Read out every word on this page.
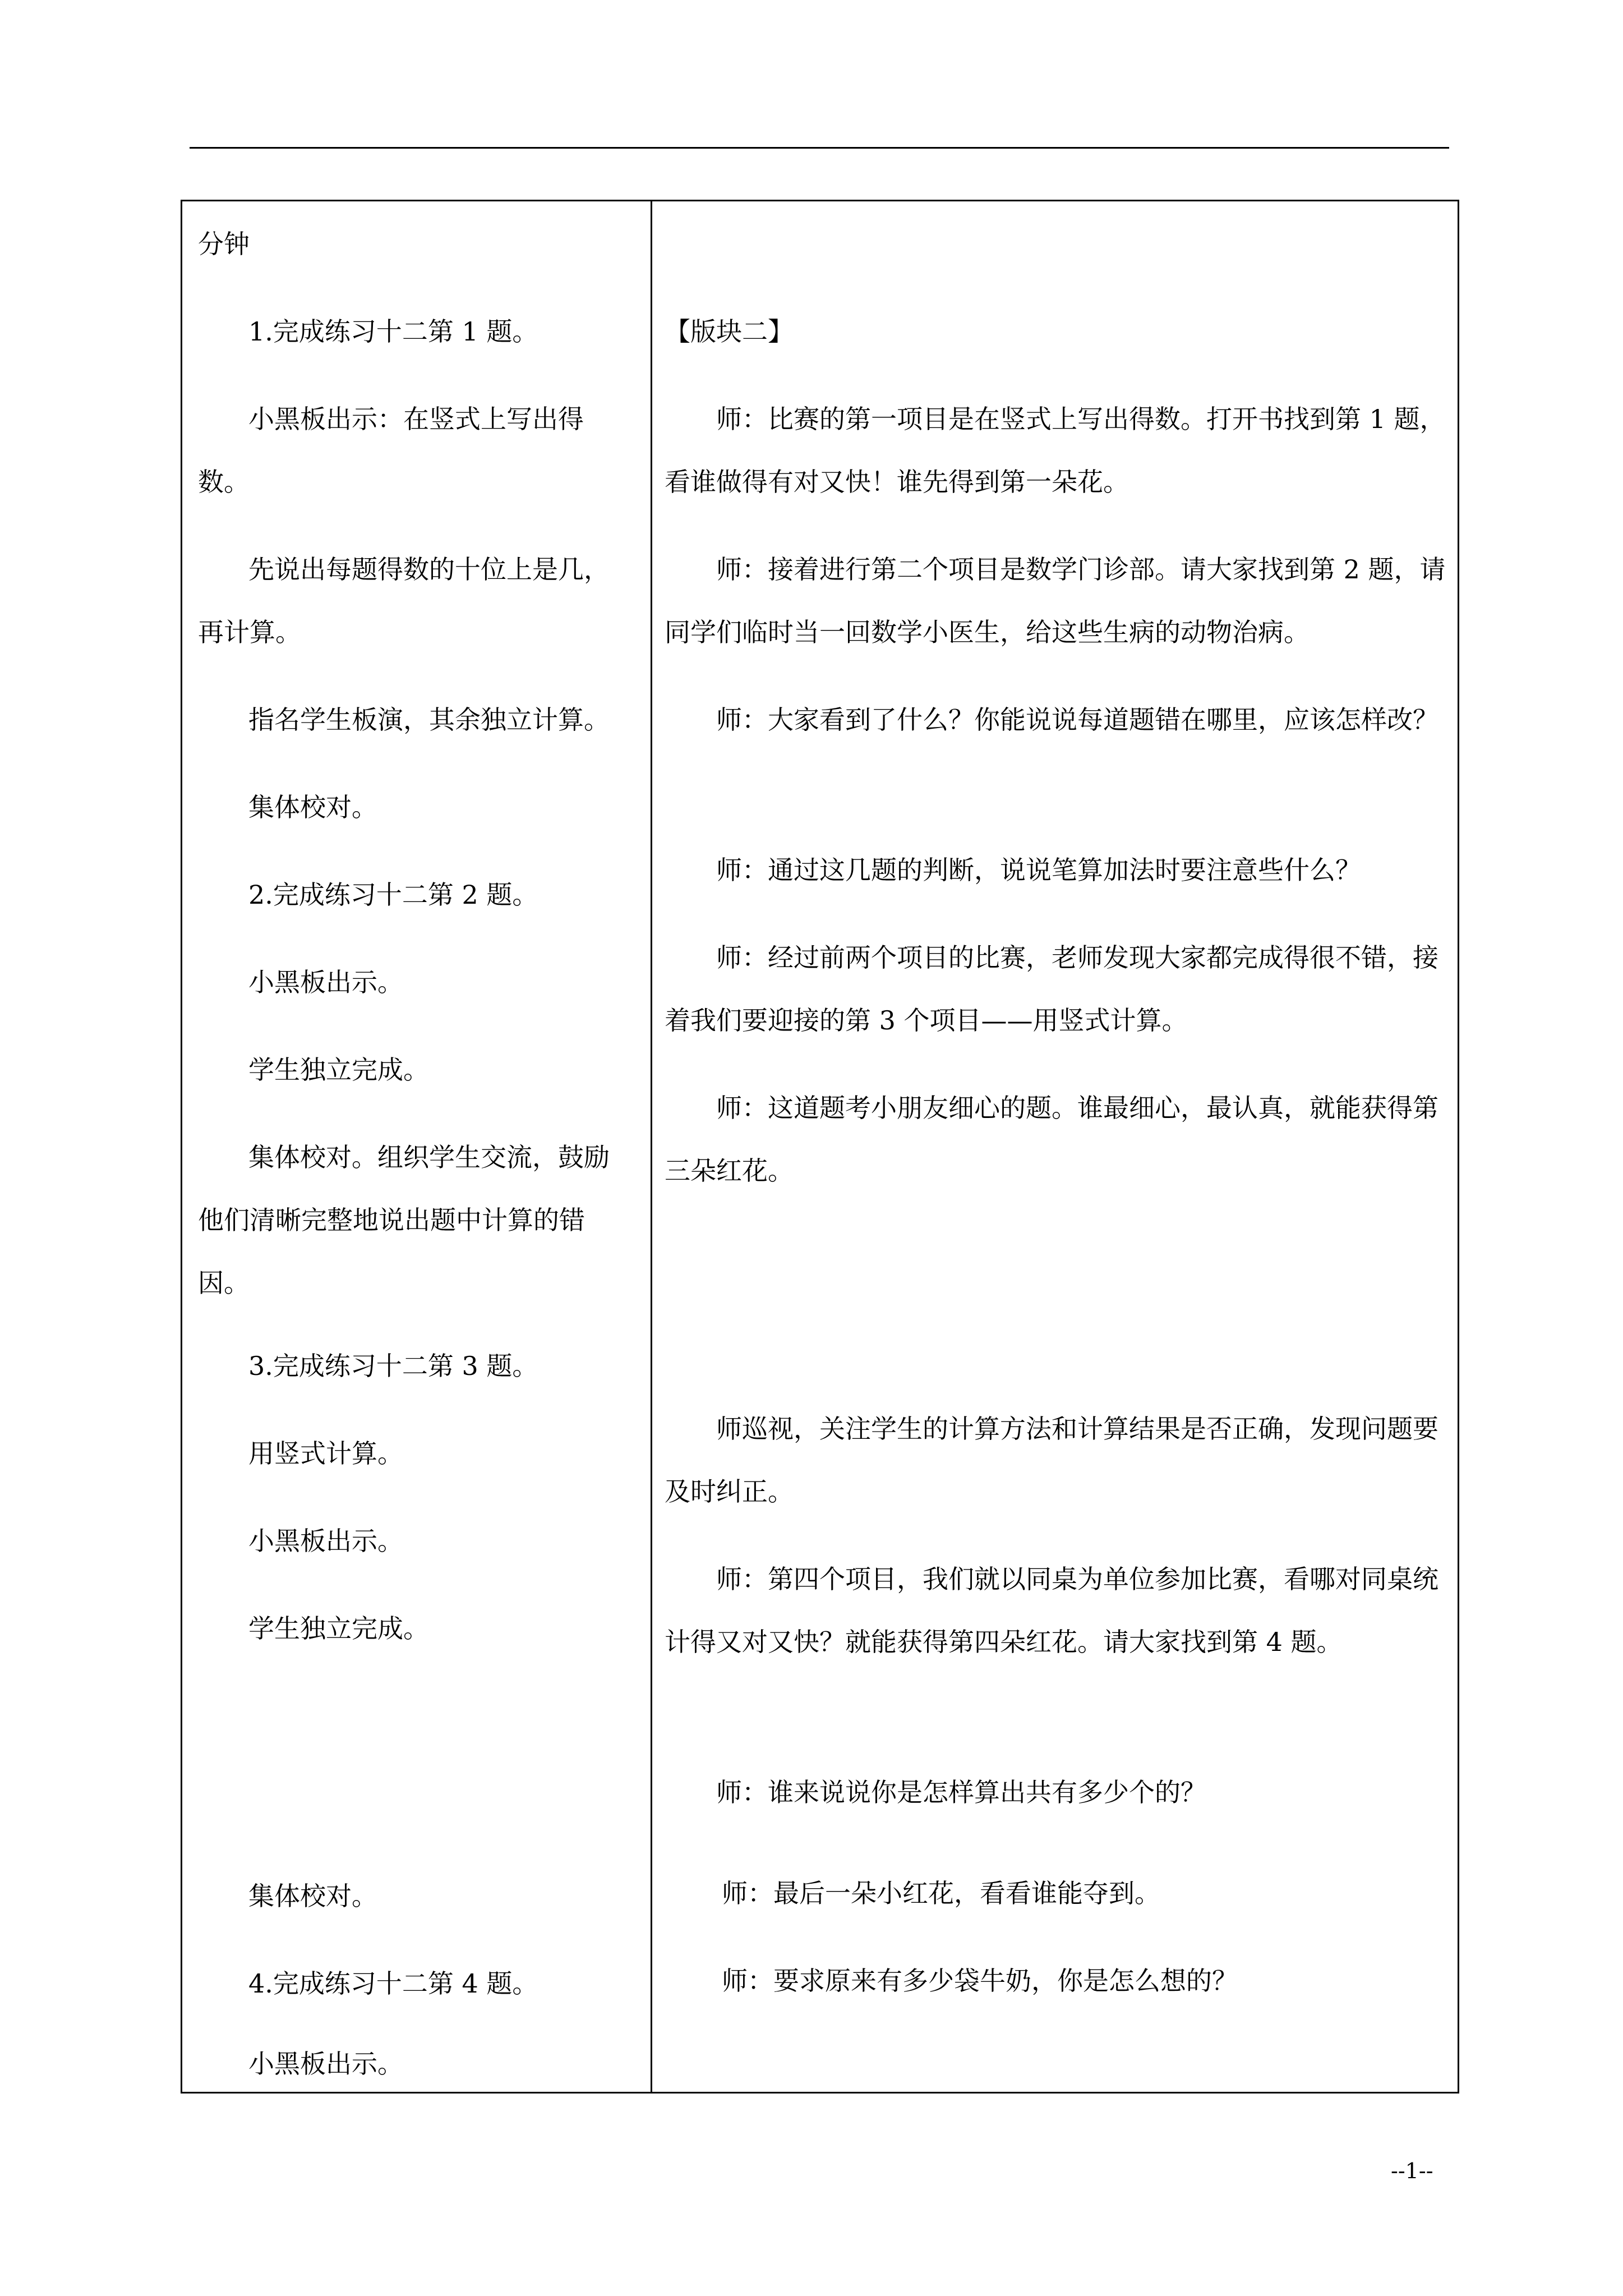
分钟

1.完成练习十二第 1 题。

小黑板出示：在竖式上写出得数。

先说出每题得数的十位上是几，再计算。

指名学生板演，其余独立计算。

集体校对。

2.完成练习十二第 2 题。

小黑板出示。

学生独立完成。

集体校对。组织学生交流，鼓励他们清晰完整地说出题中计算的错因。

3.完成练习十二第 3 题。

用竖式计算。

小黑板出示。

学生独立完成。

集体校对。

4.完成练习十二第 4 题。

小黑板出示。

【版块二】

师：比赛的第一项目是在竖式上写出得数。打开书找到第 1 题，看谁做得有对又快！谁先得到第一朵花。

师：接着进行第二个项目是数学门诊部。请大家找到第 2 题，请同学们临时当一回数学小医生，给这些生病的动物治病。

师：大家看到了什么？你能说说每道题错在哪里，应该怎样改？

师：通过这几题的判断，说说笔算加法时要注意些什么？

师：经过前两个项目的比赛，老师发现大家都完成得很不错，接着我们要迎接的第 3 个项目——用竖式计算。

师：这道题考小朋友细心的题。谁最细心，最认真，就能获得第三朵红花。

师巡视，关注学生的计算方法和计算结果是否正确，发现问题要及时纠正。

师：第四个项目，我们就以同桌为单位参加比赛，看哪对同桌统计得又对又快？就能获得第四朵红花。请大家找到第 4 题。

师：谁来说说你是怎样算出共有多少个的？

师：最后一朵小红花，看看谁能夺到。

师：要求原来有多少袋牛奶，你是怎么想的？

--1--
